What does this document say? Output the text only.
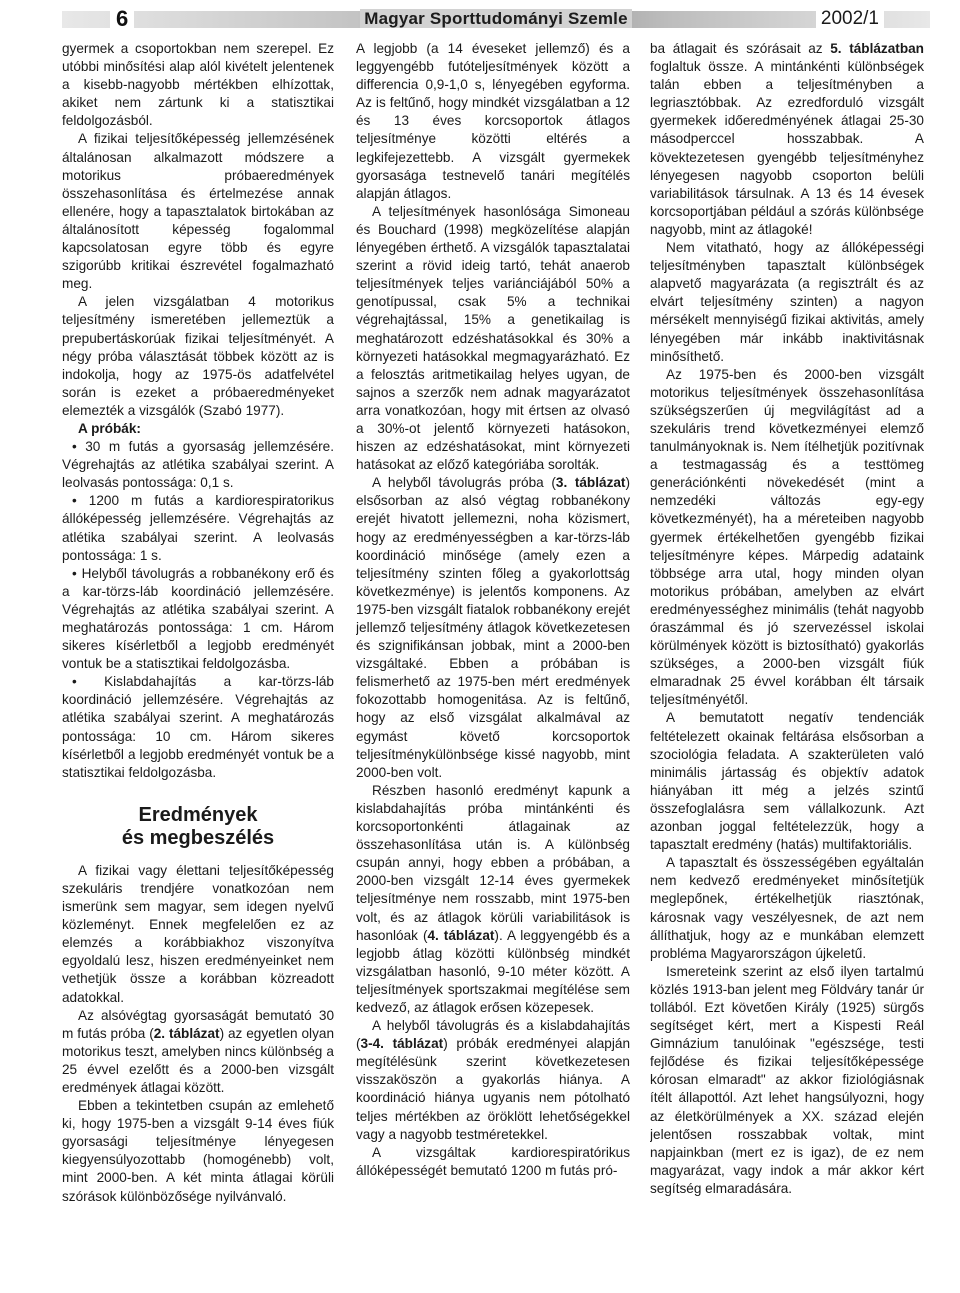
6	Magyar Sporttudományi Szemle	2002/1

gyermek a csoportokban nem szerepel. Ez utóbbi minősítési alap alól kivételt jelentenek a kisebb-nagyobb mértékben elhízottak, akiket nem zártunk ki a statisztikai feldolgozásból.

A fizikai teljesítőképesség jellemzésének általánosan alkalmazott módszere a motorikus próbaeredmények összehasonlítása és értelmezése annak ellenére, hogy a tapasztalatok birtokában az általánosított képesség fogalommal kapcsolatosan egyre több és egyre szigorúbb kritikai észrevétel fogalmazható meg.

A jelen vizsgálatban 4 motorikus teljesítmény ismeretében jellemeztük a prepubertáskorúak fizikai teljesítményét. A négy próba választását többek között az is indokolja, hogy az 1975-ös adatfelvétel során is ezeket a próbaeredményeket elemezték a vizsgálók (Szabó 1977).

A próbák:

• 30 m futás a gyorsaság jellemzésére. Végrehajtás az atlétika szabályai szerint. A leolvasás pontossága: 0,1 s.

• 1200 m futás a kardiorespiratorikus állóképesség jellemzésére. Végrehajtás az atlétika szabályai szerint. A leolvasás pontossága: 1 s.

• Helyből távolugrás a robbanékony erő és a kar-törzs-láb koordináció jellemzésére. Végrehajtás az atlétika szabályai szerint. A meghatározás pontossága: 1 cm. Három sikeres kísérletből a legjobb eredményét vontuk be a statisztikai feldolgozásba.

• Kislabdahajítás a kar-törzs-láb koordináció jellemzésére. Végrehajtás az atlétika szabályai szerint. A meghatározás pontossága: 10 cm. Három sikeres kísérletből a legjobb eredményét vontuk be a statisztikai feldolgozásba.

Eredmények
és megbeszélés

A fizikai vagy élettani teljesítőképesség szekuláris trendjére vonatkozóan nem ismerünk sem magyar, sem idegen nyelvű közleményt. Ennek megfelelően ez az elemzés a korábbiakhoz viszonyítva egyoldalú lesz, hiszen eredményeinket nem vethetjük össze a korábban közreadott adatokkal.

Az alsóvégtag gyorsaságát bemutató 30 m futás próba (2. táblázat) az egyetlen olyan motorikus teszt, amelyben nincs különbség a 25 évvel ezelőtt és a 2000-ben vizsgált eredmények átlagai között.

Ebben a tekintetben csupán az emlehető ki, hogy 1975-ben a vizsgált 9-14 éves fiúk gyorsasági teljesítménye lényegesen kiegyensúlyozottabb (homogénebb) volt, mint 2000-ben. A két minta átlagai körüli szórások különbözősége nyilvánvaló.

A legjobb (a 14 éveseket jellemző) és a leggyengébb futóteljesítmények között a differencia 0,9-1,0 s, lényegében egyforma. Az is feltűnő, hogy mindkét vizsgálatban a 12 és 13 éves korcsoportok átlagos teljesítménye közötti eltérés a legkifejezettebb. A vizsgált gyermekek gyorsasága testnevelő tanári megítélés alapján átlagos.

A teljesítmények hasonlósága Simoneau és Bouchard (1998) megközelítése alapján lényegében érthető. A vizsgálók tapasztalatai szerint a rövid ideig tartó, tehát anaerob teljesítmények teljes variánciájából 50% a genotípussal, csak 5% a technikai végrehajtással, 15% a genetikailag is meghatározott edzéshatásokkal és 30% a környezeti hatásokkal megmagyarázható. Ez a felosztás aritmetikailag helyes ugyan, de sajnos a szerzők nem adnak magyarázatot arra vonatkozóan, hogy mit értsen az olvasó a 30%-ot jelentő környezeti hatásokon, hiszen az edzéshatásokat, mint környezeti hatásokat az előző kategóriába sorolták.

A helyből távolugrás próba (3. táblázat) elsősorban az alsó végtag robbanékony erejét hivatott jellemezni, noha közismert, hogy az eredményességben a kar-törzs-láb koordináció minősége (amely ezen a teljesítmény szinten főleg a gyakorlottság következménye) is jelentős komponens. Az 1975-ben vizsgált fiatalok robbanékony erejét jellemző teljesítmény átlagok következetesen és szignifikánsan jobbak, mint a 2000-ben vizsgáltaké. Ebben a próbában is felismerhető az 1975-ben mért eredmények fokozottabb homogenitása. Az is feltűnő, hogy az első vizsgálat alkalmával az egymást követő korcsoportok teljesítménykülönbsége kissé nagyobb, mint 2000-ben volt.

Részben hasonló eredményt kapunk a kislabdahajítás próba mintánkénti és korcsoportonkénti átlagainak az összehasonlítása után is. A különbség csupán annyi, hogy ebben a próbában, a 2000-ben vizsgált 12-14 éves gyermekek teljesítménye nem rosszabb, mint 1975-ben volt, és az átlagok körüli variabilitások is hasonlóak (4. táblázat). A leggyengébb és a legjobb átlag közötti különbség mindkét vizsgálatban hasonló, 9-10 méter között. A teljesítmények sportszakmai megítélése sem kedvező, az átlagok erősen közepesek.

A helyből távolugrás és a kislabdahajítás (3-4. táblázat) próbák eredményei alapján megítélésünk szerint következetesen visszaköszön a gyakorlás hiánya. A koordináció hiánya ugyanis nem pótolható teljes mértékben az öröklött lehetőségekkel vagy a nagyobb testméretekkel.

A vizsgáltak kardiorespiratórikus állóképességét bemutató 1200 m futás pró-

ba átlagait és szórásait az 5. táblázatban foglaltuk össze. A mintánkénti különbségek talán ebben a teljesítményben a legriasztóbbak. Az ezredforduló vizsgált gyermekek időeredményének átlagai 25-30 másodperccel hosszabbak. A kövektezetesen gyengébb teljesítményhez lényegesen nagyobb csoporton belüli variabilitások társulnak. A 13 és 14 évesek korcsoportjában például a szórás különbsége nagyobb, mint az átlagoké!

Nem vitatható, hogy az állóképességi teljesítményben tapasztalt különbségek alapvető magyarázata (a regisztrált és az elvárt teljesítmény szinten) a nagyon mérsékelt mennyiségű fizikai aktivitás, amely lényegében már inkább inaktivitásnak minősíthető.

Az 1975-ben és 2000-ben vizsgált motorikus teljesítmények összehasonlítása szükségszerűen új megvilágítást ad a szekuláris trend következményei elemző tanulmányoknak is. Nem ítélhetjük pozitívnak a testmagasság és a testtömeg generációnkénti növekedését (mint a nemzedéki változás egy-egy következményét), ha a méreteiben nagyobb gyermek értékelhetően gyengébb fizikai teljesítményre képes. Márpedig adataink többsége arra utal, hogy minden olyan motorikus próbában, amelyben az elvárt eredményességhez minimális (tehát nagyobb óraszámmal és jó szervezéssel iskolai körülmények között is biztosítható) gyakorlás szükséges, a 2000-ben vizsgált fiúk elmaradnak 25 évvel korábban élt társaik teljesítményétől.

A bemutatott negatív tendenciák feltételezett okainak feltárása elsősorban a szociológia feladata. A szakterületen való minimális jártasság és objektív adatok hiányában itt még a jelzés szintű összefoglalásra sem vállalkozunk. Azt azonban joggal feltételezzük, hogy a tapasztalt eredmény (hatás) multifaktoriális.

A tapasztalt és összességében egyáltalán nem kedvező eredményeket minősítetjük meglepőnek, értékelhetjük riasztónak, károsnak vagy veszélyesnek, de azt nem állíthatjuk, hogy az e munkában elemzett probléma Magyarországon újkeletű.

Ismereteink szerint az első ilyen tartalmú közlés 1913-ban jelent meg Földváry tanár úr tollából. Ezt követően Király (1925) sürgős segítséget kért, mert a Kispesti Reál Gimnázium tanulóinak "egészsége, testi fejlődése és fizikai teljesítőképessége kórosan elmaradt" az akkor fiziológiásnak ítélt állapottól. Azt lehet hangsúlyozni, hogy az életkörülmények a XX. század elején jelentősen rosszabbak voltak, mint napjainkban (mert ez is igaz), de ez nem magyarázat, vagy indok a már akkor kért segítség elmaradására.
